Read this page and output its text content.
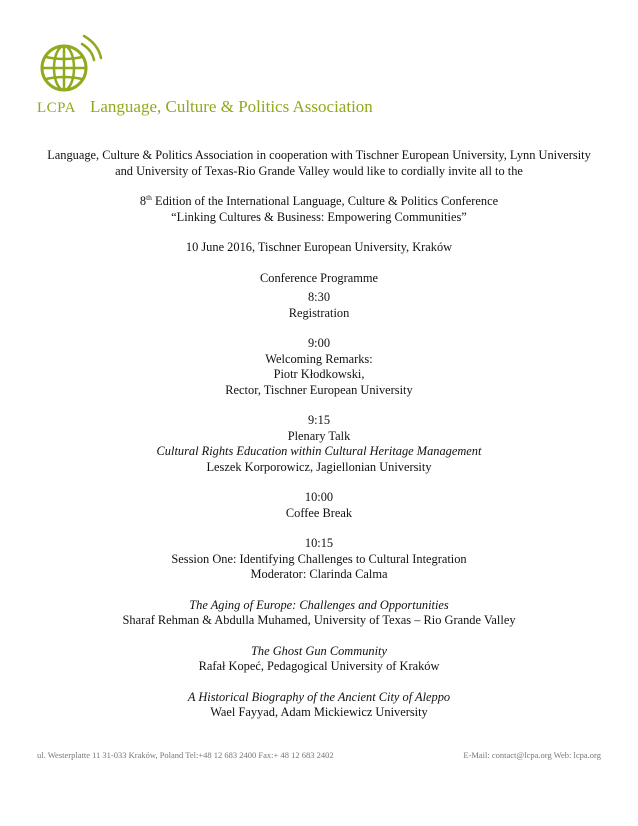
LCPA Language, Culture & Politics Association

Language, Culture & Politics Association in cooperation with Tischner European University, Lynn University

and University of Texas-Rio Grande Valley would like to cordially invite all to the

8th Edition of the International Language, Culture & Politics Conference

“Linking Cultures & Business: Empowering Communities”

10 June 2016, Tischner European University, Kraków

Conference Programme

8:30

Registration

9:00

Welcoming Remarks:

Piotr Kłodkowski,

Rector, Tischner European University

9:15

Plenary Talk

Cultural Rights Education within Cultural Heritage Management

Leszek Korporowicz, Jagiellonian University

10:00

Coffee Break

10:15

Session One: Identifying Challenges to Cultural Integration

Moderator: Clarinda Calma

The Aging of Europe: Challenges and Opportunities

Sharaf Rehman & Abdulla Muhamed, University of Texas – Rio Grande Valley

The Ghost Gun Community

Rafał Kopeć, Pedagogical University of Kraków

A Historical Biography of the Ancient City of Aleppo

Wael Fayyad, Adam Mickiewicz University

ul. Westerplatte 11 31-033 Kraków, Poland Tel:+48 12 683 2400 Fax:+ 48 12 683 2402	E-Mail: contact@lcpa.org Web: lcpa.org
